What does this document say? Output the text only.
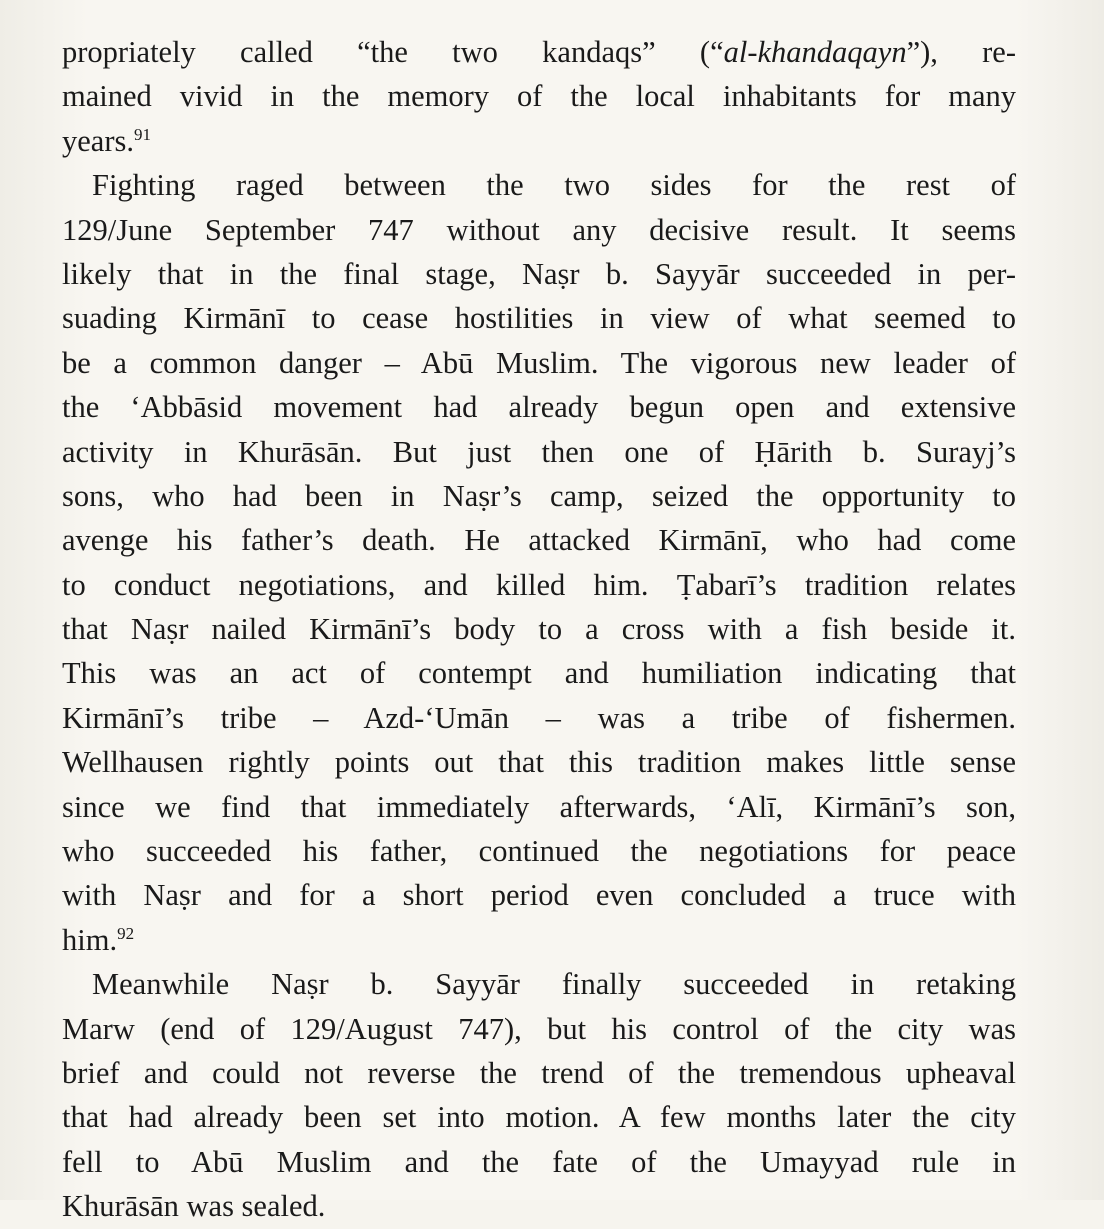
propriately called “the two kandaqs” (“al-khandaqayn”), re-
mained vivid in the memory of the local inhabitants for many
years.$^{91}$
Fighting raged between the two sides for the rest of
129/June September 747 without any decisive result. It seems
likely that in the final stage, Naṣr b. Sayyār succeeded in per-
suading Kirmānī to cease hostilities in view of what seemed to
be a common danger – Abū Muslim. The vigorous new leader of
the ‘Abbāsid movement had already begun open and extensive
activity in Khurāsān. But just then one of Ḥārith b. Surayj’s
sons, who had been in Naṣr’s camp, seized the opportunity to
avenge his father’s death. He attacked Kirmānī, who had come
to conduct negotiations, and killed him. Ṭabarī’s tradition relates
that Naṣr nailed Kirmānī’s body to a cross with a fish beside it.
This was an act of contempt and humiliation indicating that
Kirmānī’s tribe – Azd-‘Umān – was a tribe of fishermen.
Wellhausen rightly points out that this tradition makes little sense
since we find that immediately afterwards, ‘Alī, Kirmānī’s son,
who succeeded his father, continued the negotiations for peace
with Naṣr and for a short period even concluded a truce with
him.$^{92}$
Meanwhile Naṣr b. Sayyār finally succeeded in retaking
Marw (end of 129/August 747), but his control of the city was
brief and could not reverse the trend of the tremendous upheaval
that had already been set into motion. A few months later the city
fell to Abū Muslim and the fate of the Umayyad rule in
Khurāsān was sealed.
